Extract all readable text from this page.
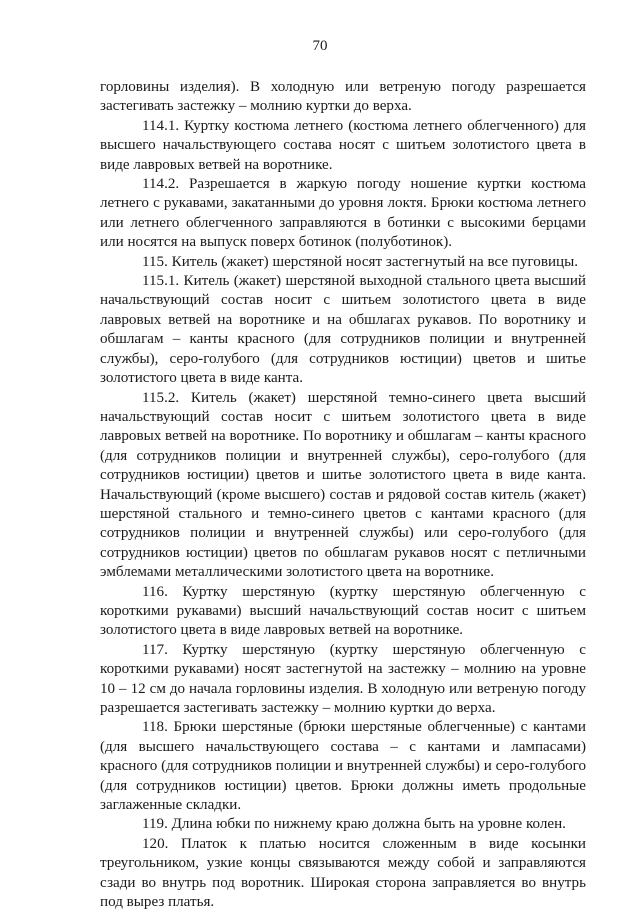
70

горловины изделия). В холодную или ветреную погоду разрешается застегивать застежку – молнию куртки до верха.

114.1. Куртку костюма летнего (костюма летнего облегченного) для высшего начальствующего состава носят с шитьем золотистого цвета в виде лавровых ветвей на воротнике.

114.2. Разрешается в жаркую погоду ношение куртки костюма летнего с рукавами, закатанными до уровня локтя. Брюки костюма летнего или летнего облегченного заправляются в ботинки с высокими берцами или носятся на выпуск поверх ботинок (полуботинок).

115. Китель (жакет) шерстяной носят застегнутый на все пуговицы.

115.1. Китель (жакет) шерстяной выходной стального цвета высший начальствующий состав носит с шитьем золотистого цвета в виде лавровых ветвей на воротнике и на обшлагах рукавов. По воротнику и обшлагам – канты красного (для сотрудников полиции и внутренней службы), серо-голубого (для сотрудников юстиции) цветов и шитье золотистого цвета в виде канта.

115.2. Китель (жакет) шерстяной темно-синего цвета высший начальствующий состав носит с шитьем золотистого цвета в виде лавровых ветвей на воротнике. По воротнику и обшлагам – канты красного (для сотрудников полиции и внутренней службы), серо-голубого (для сотрудников юстиции) цветов и шитье золотистого цвета в виде канта. Начальствующий (кроме высшего) состав и рядовой состав китель (жакет) шерстяной стального и темно-синего цветов с кантами красного (для сотрудников полиции и внутренней службы) или серо-голубого (для сотрудников юстиции) цветов по обшлагам рукавов носят с петличными эмблемами металлическими золотистого цвета на воротнике.

116. Куртку шерстяную (куртку шерстяную облегченную с короткими рукавами) высший начальствующий состав носит с шитьем золотистого цвета в виде лавровых ветвей на воротнике.

117. Куртку шерстяную (куртку шерстяную облегченную с короткими рукавами) носят застегнутой на застежку – молнию на уровне 10 – 12 см до начала горловины изделия. В холодную или ветреную погоду разрешается застегивать застежку – молнию куртки до верха.

118. Брюки шерстяные (брюки шерстяные облегченные) с кантами (для высшего начальствующего состава – с кантами и лампасами) красного (для сотрудников полиции и внутренней службы) и серо-голубого (для сотрудников юстиции) цветов. Брюки должны иметь продольные заглаженные складки.

119. Длина юбки по нижнему краю должна быть на уровне колен.

120. Платок к платью носится сложенным в виде косынки треугольником, узкие концы связываются между собой и заправляются сзади во внутрь под воротник. Широкая сторона заправляется во внутрь под вырез платья.
